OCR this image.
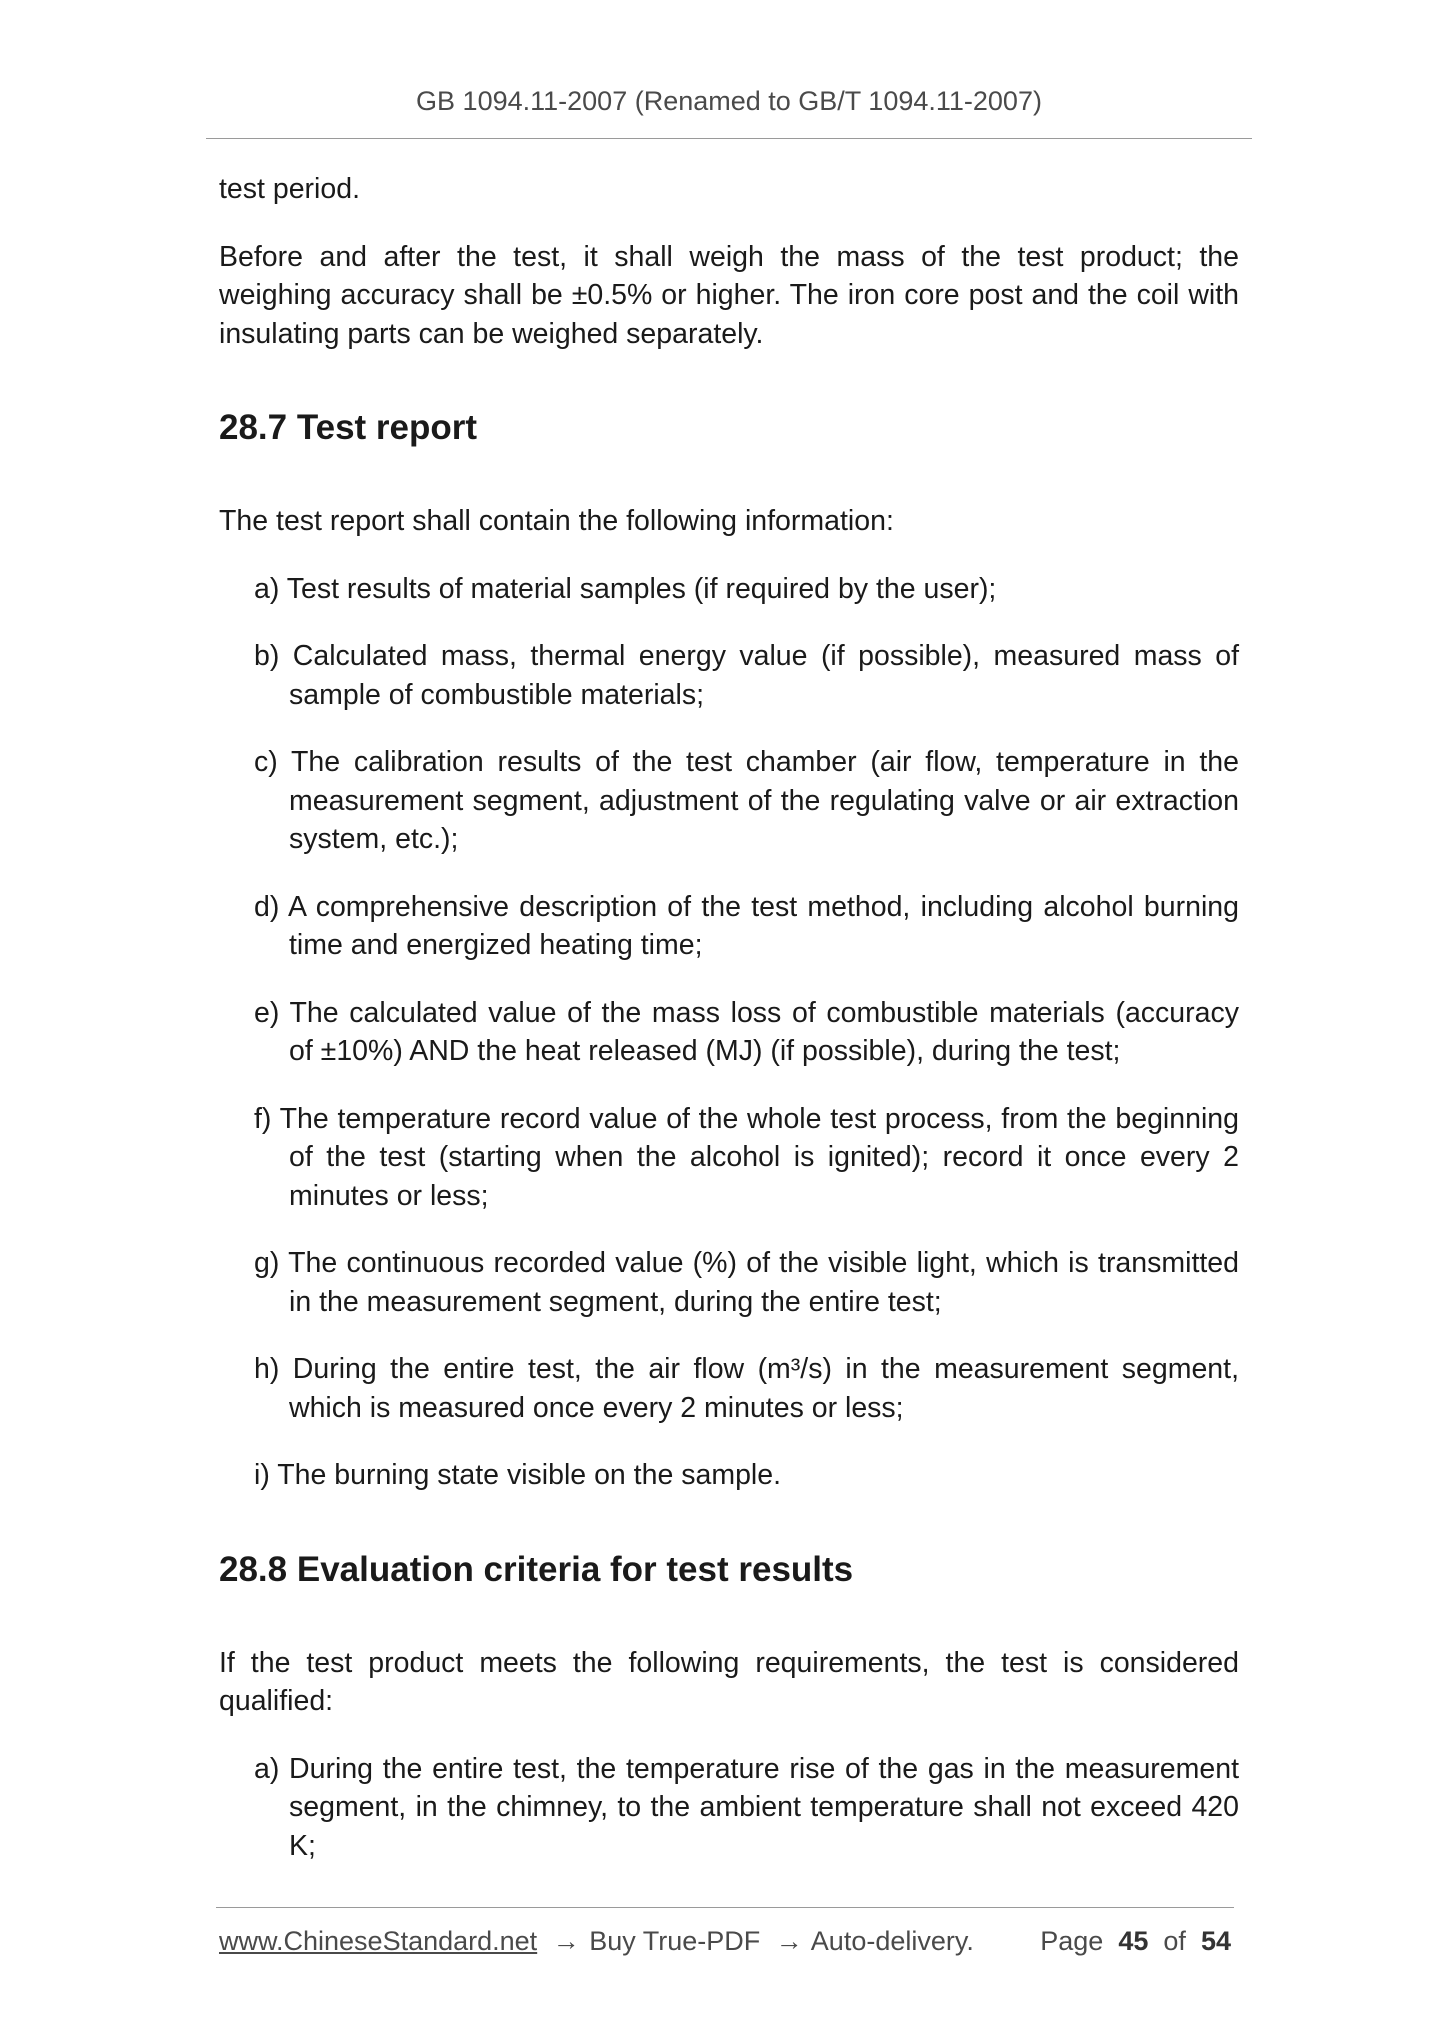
GB 1094.11-2007 (Renamed to GB/T 1094.11-2007)

test period.

Before and after the test, it shall weigh the mass of the test product; the weighing accuracy shall be ±0.5% or higher. The iron core post and the coil with insulating parts can be weighed separately.

28.7 Test report

The test report shall contain the following information:

a) Test results of material samples (if required by the user);

b) Calculated mass, thermal energy value (if possible), measured mass of sample of combustible materials;

c) The calibration results of the test chamber (air flow, temperature in the measurement segment, adjustment of the regulating valve or air extraction system, etc.);

d) A comprehensive description of the test method, including alcohol burning time and energized heating time;

e) The calculated value of the mass loss of combustible materials (accuracy of ±10%) AND the heat released (MJ) (if possible), during the test;

f) The temperature record value of the whole test process, from the beginning of the test (starting when the alcohol is ignited); record it once every 2 minutes or less;

g) The continuous recorded value (%) of the visible light, which is transmitted in the measurement segment, during the entire test;

h) During the entire test, the air flow (m³/s) in the measurement segment, which is measured once every 2 minutes or less;

i) The burning state visible on the sample.

28.8 Evaluation criteria for test results

If the test product meets the following requirements, the test is considered qualified:

a) During the entire test, the temperature rise of the gas in the measurement segment, in the chimney, to the ambient temperature shall not exceed 420 K;

www.ChineseStandard.net → Buy True-PDF → Auto-delivery. Page 45 of 54
